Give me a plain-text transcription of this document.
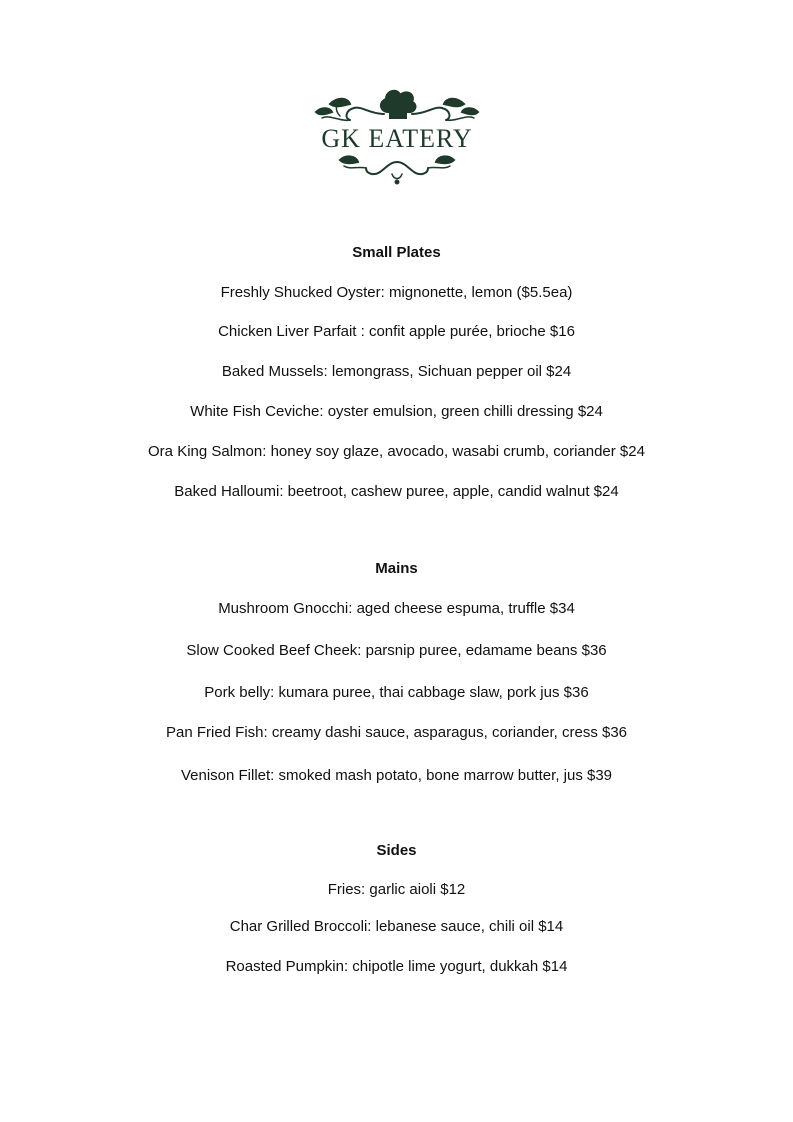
GK EATERY
Small Plates
Freshly Shucked Oyster: mignonette, lemon ($5.5ea)
Chicken Liver Parfait : confit apple purée, brioche $16
Baked Mussels: lemongrass, Sichuan pepper oil $24
White Fish Ceviche: oyster emulsion, green chilli dressing $24
Ora King Salmon: honey soy glaze, avocado, wasabi crumb, coriander $24
Baked Halloumi: beetroot, cashew puree, apple, candid walnut $24
Mains
Mushroom Gnocchi: aged cheese espuma, truffle $34
Slow Cooked Beef Cheek: parsnip puree, edamame beans $36
Pork belly: kumara puree, thai cabbage slaw, pork jus $36
Pan Fried Fish: creamy dashi sauce, asparagus, coriander, cress $36
Venison Fillet: smoked mash potato, bone marrow butter, jus $39
Sides
Fries: garlic aioli $12
Char Grilled Broccoli: lebanese sauce, chili oil $14
Roasted Pumpkin: chipotle lime yogurt, dukkah $14
